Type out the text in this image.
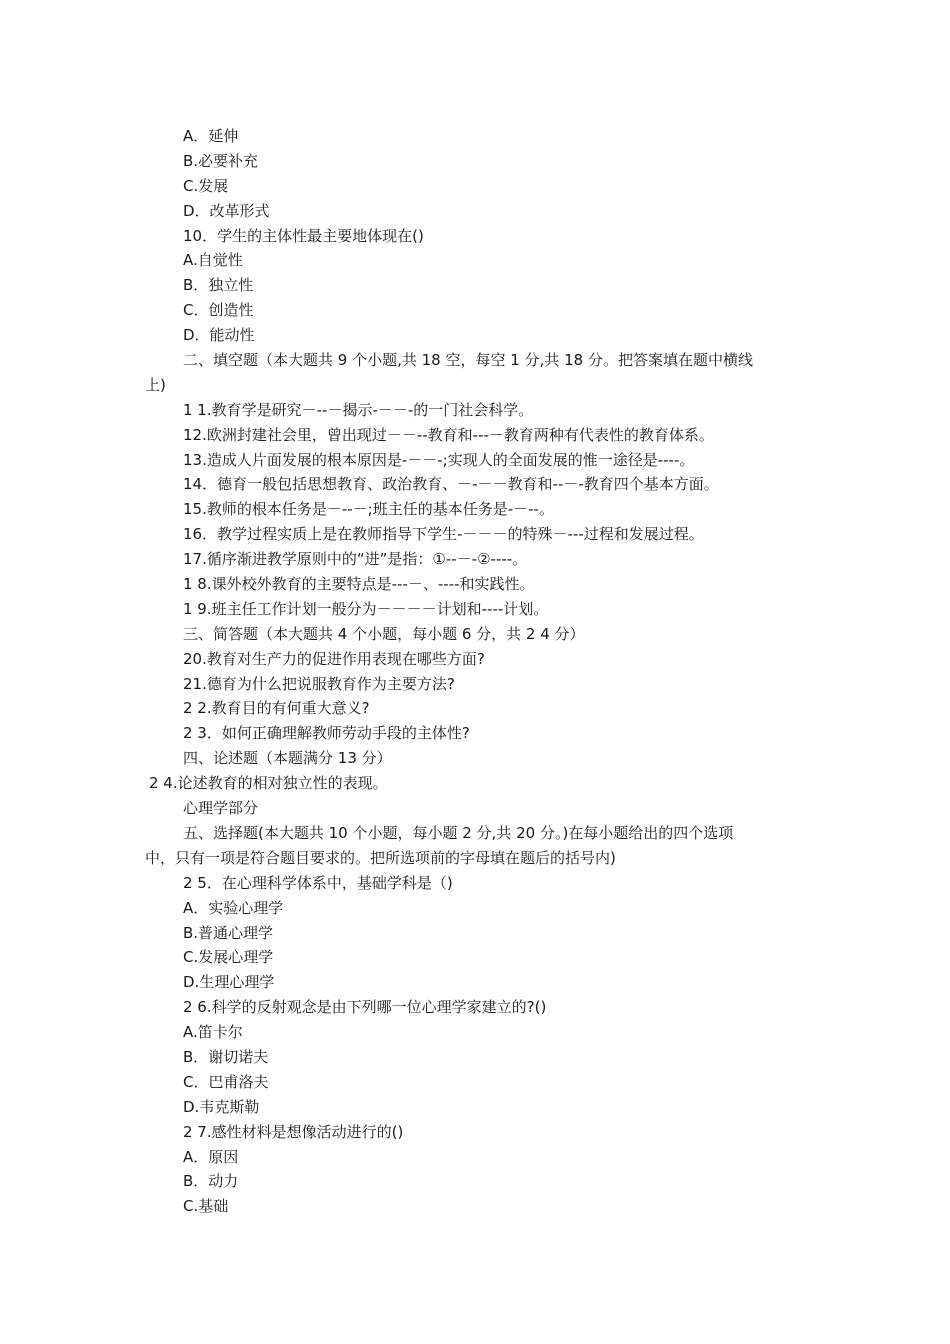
A．延伸
B.必要补充
C.发展
D．改革形式
10．学生的主体性最主要地体现在()
A.自觉性
B．独立性
C．创造性
D．能动性
二、填空题（本大题共 9 个小题,共 18 空，每空 1 分,共 18 分。把答案填在题中横线
上)
1 1.教育学是研究－--－揭示-－－-的一门社会科学。
12.欧洲封建社会里，曾出现过－－--教育和---－教育两种有代表性的教育体系。
13.造成人片面发展的根本原因是-－－-;实现人的全面发展的惟一途径是----。
14．德育一般包括思想教育、政治教育、－-－－教育和--－-教育四个基本方面。
15.教师的根本任务是－--－;班主任的基本任务是-－--。
16．教学过程实质上是在教师指导下学生-－－－的特殊－---过程和发展过程。
17.循序渐进教学原则中的“进”是指：①--－-②----。
1 8.课外校外教育的主要特点是---－、----和实践性。
1 9.班主任工作计划一般分为－－－－计划和----计划。
三、简答题（本大题共 4 个小题，每小题 6 分，共 2 4 分）
20.教育对生产力的促进作用表现在哪些方面?
21.德育为什么把说服教育作为主要方法?
2 2.教育目的有何重大意义?
2 3．如何正确理解教师劳动手段的主体性?
四、论述题（本题满分 13 分）
2 4.论述教育的相对独立性的表现。
心理学部分
五、选择题(本大题共 10 个小题，每小题 2 分,共 20 分。)在每小题给出的四个选项
中，只有一项是符合题目要求的。把所选项前的字母填在题后的括号内)
2 5．在心理科学体系中，基础学科是（)
A．实验心理学
B.普通心理学
C.发展心理学
D.生理心理学
2 6.科学的反射观念是由下列哪一位心理学家建立的?()
A.笛卡尔
B．谢切诺夫
C．巴甫洛夫
D.韦克斯勒
2 7.感性材料是想像活动进行的()
A．原因
B．动力
C.基础
